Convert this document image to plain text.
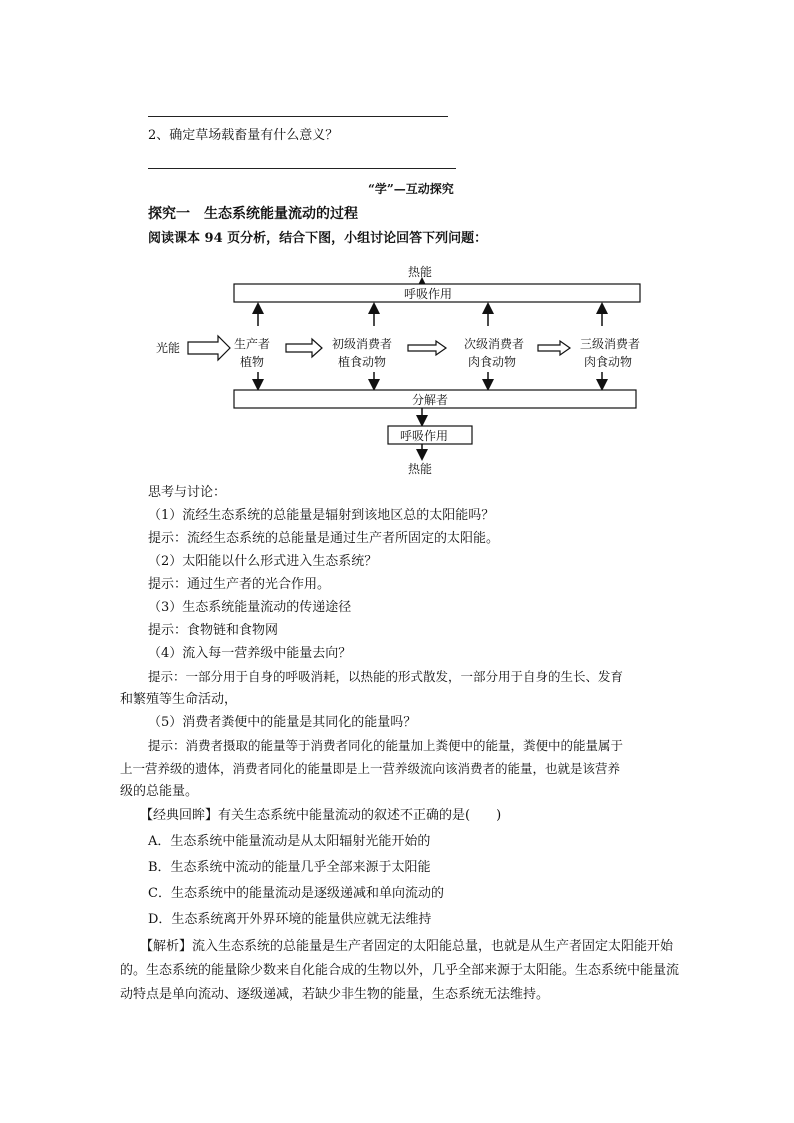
2、确定草场载畜量有什么意义？
“学”—互动探究
探究一　生态系统能量流动的过程
阅读课本 94 页分析，结合下图，小组讨论回答下列问题：
热能
呼吸作用
光能	生产者
植物
初级消费者
植食动物
次级消费者
肉食动物
三级消费者
肉食动物
分解者
呼吸作用
热能
思考与讨论：
（1）流经生态系统的总能量是辐射到该地区总的太阳能吗？
提示：流经生态系统的总能量是通过生产者所固定的太阳能。
（2）太阳能以什么形式进入生态系统？
提示：通过生产者的光合作用。
（3）生态系统能量流动的传递途径
提示：食物链和食物网
（4）流入每一营养级中能量去向？
提示：一部分用于自身的呼吸消耗，以热能的形式散发，一部分用于自身的生长、发育
和繁殖等生命活动，
（5）消费者粪便中的能量是其同化的能量吗？
提示：消费者摄取的能量等于消费者同化的能量加上粪便中的能量，粪便中的能量属于
上一营养级的遗体，消费者同化的能量即是上一营养级流向该消费者的能量，也就是该营养
级的总能量。
【经典回眸】有关生态系统中能量流动的叙述不正确的是(　　)
A．生态系统中能量流动是从太阳辐射光能开始的
B．生态系统中流动的能量几乎全部来源于太阳能
C．生态系统中的能量流动是逐级递减和单向流动的
D．生态系统离开外界环境的能量供应就无法维持
【解析】流入生态系统的总能量是生产者固定的太阳能总量，也就是从生产者固定太阳能开始的。生态系统的能量除少数来自化能合成的生物以外，几乎全部来源于太阳能。生态系统中能量流动特点是单向流动、逐级递减，若缺少非生物的能量，生态系统无法维持。
